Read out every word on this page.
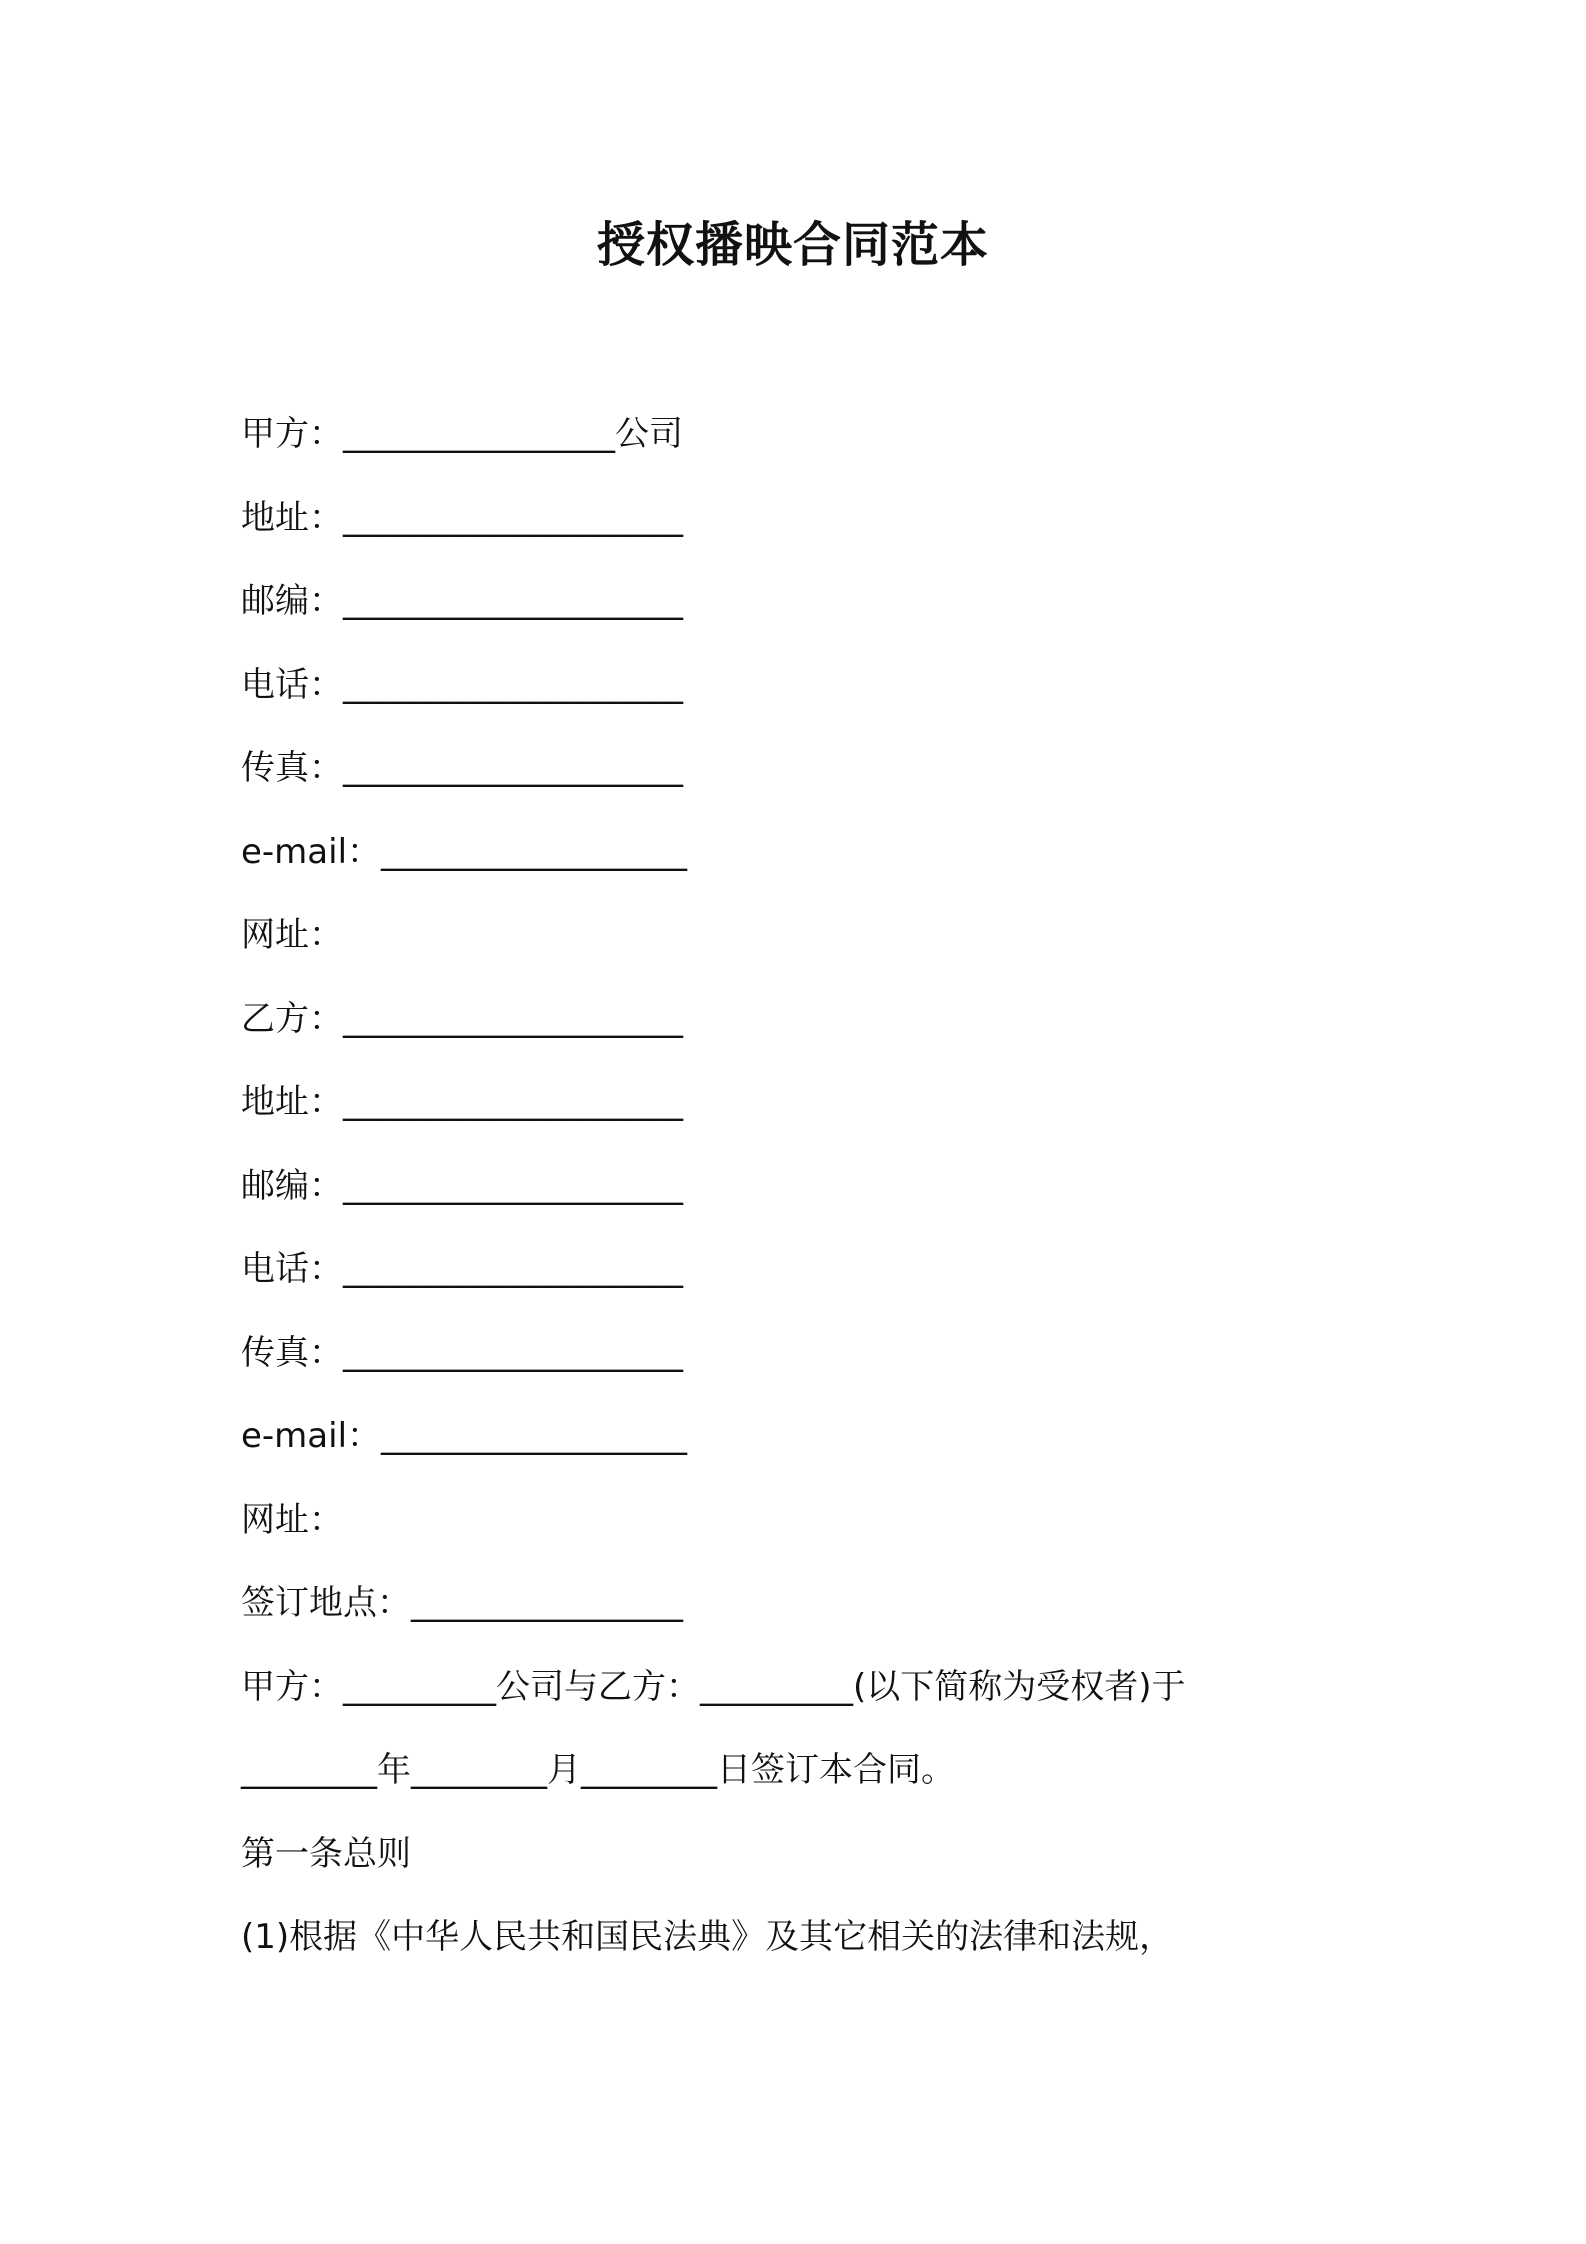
授权播映合同范本
甲方：________________公司
地址：____________________
邮编：____________________
电话：____________________
传真：____________________
e-mail：__________________
网址：
乙方：____________________
地址：____________________
邮编：____________________
电话：____________________
传真：____________________
e-mail：__________________
网址：
签订地点：________________
甲方：_________公司与乙方：_________(以下简称为受权者)于
________年________月________日签订本合同。
第一条总则
(1)根据《中华人民共和国民法典》及其它相关的法律和法规，
